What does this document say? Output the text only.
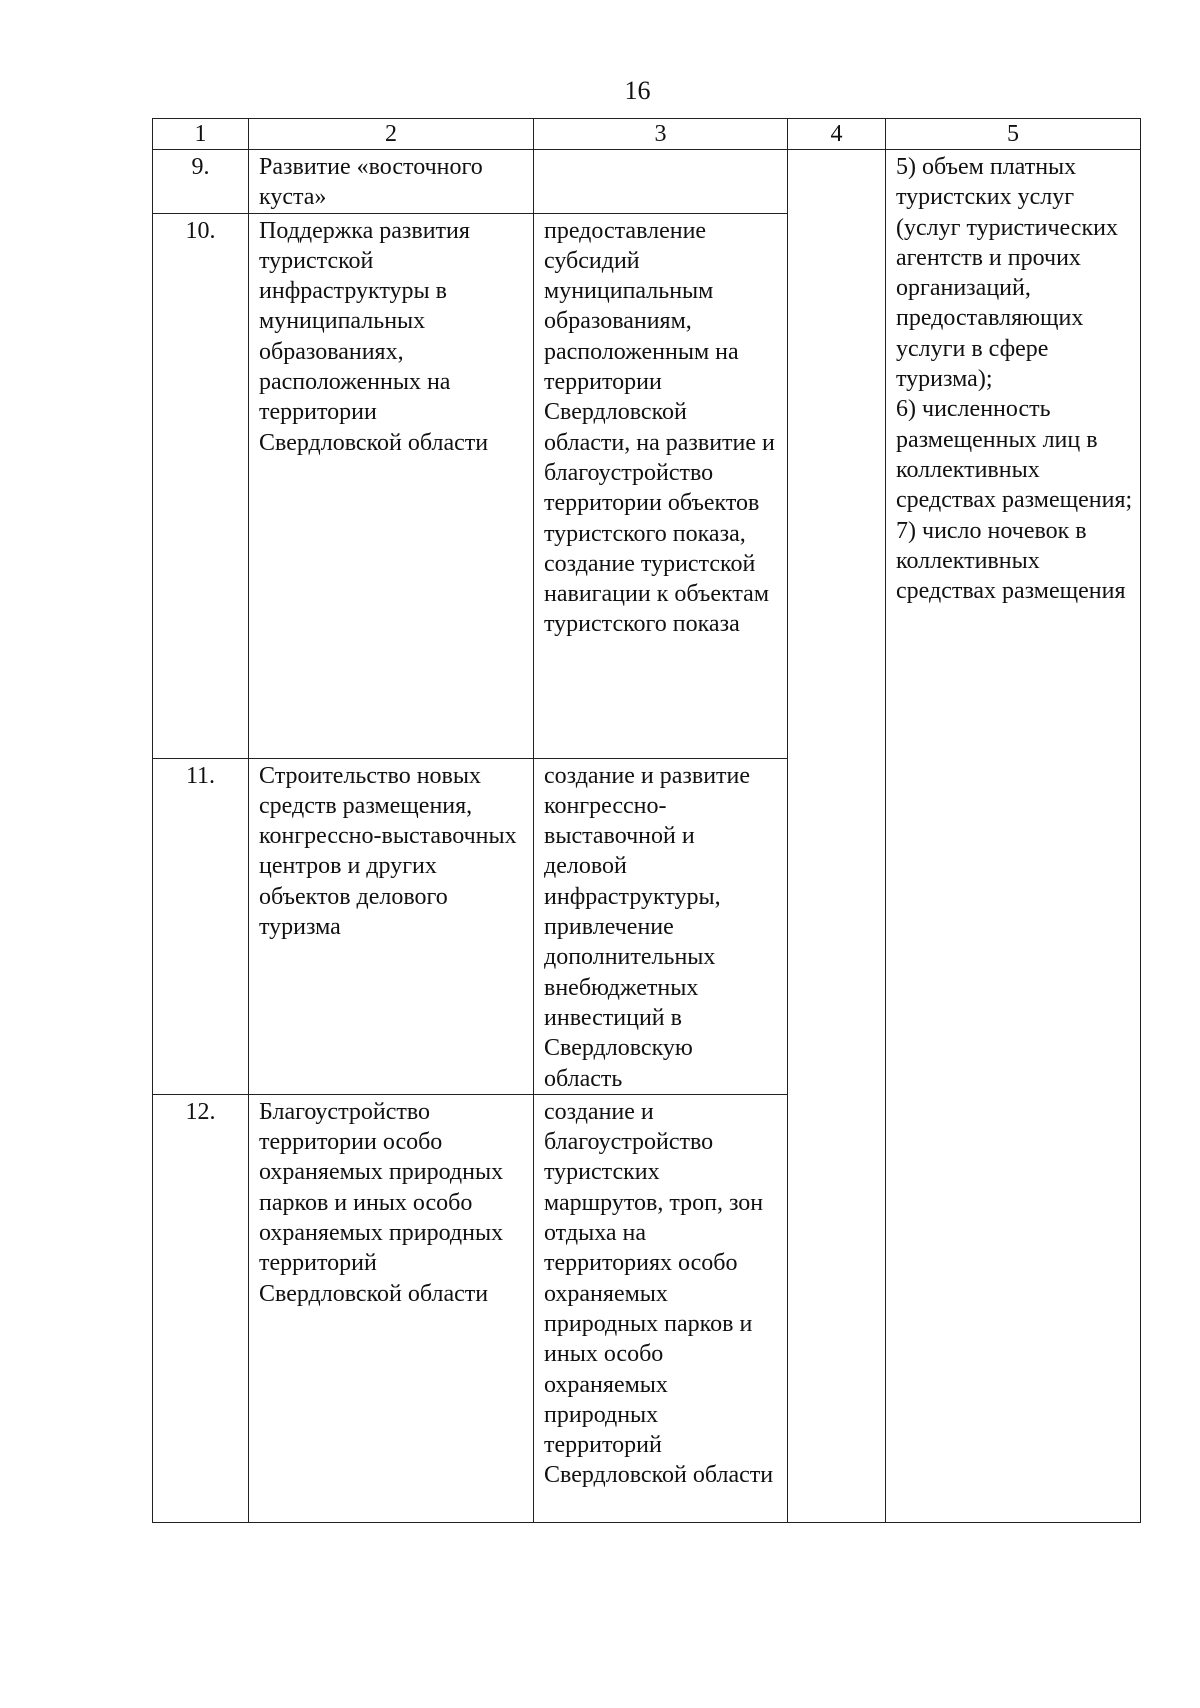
16
1	2	3	4	5
9.	Развитие «восточного куста»			5) объем платных туристских услуг (услуг туристических агентств и прочих организаций, предоставляющих услуги в сфере туризма);
6) численность размещенных лиц в коллективных средствах размещения;
7) число ночевок в коллективных средствах размещения

10.	Поддержка развития туристской инфраструктуры в муниципальных образованиях, расположенных на территории Свердловской области	предоставление субсидий муниципальным образованиям, расположенным на территории Свердловской области, на развитие и благоустройство территории объектов туристского показа, создание туристской навигации к объектам туристского показа		

11.	Строительство новых средств размещения, конгрессно-выставочных центров и других объектов делового туризма	создание и развитие конгрессно-выставочной и деловой инфраструктуры, привлечение дополнительных внебюджетных инвестиций в Свердловскую область		

12.	Благоустройство территории особо охраняемых природных парков и иных особо охраняемых природных территорий Свердловской области	создание и благоустройство туристских маршрутов, троп, зон отдыха на территориях особо охраняемых природных парков и иных особо охраняемых природных территорий Свердловской области		
